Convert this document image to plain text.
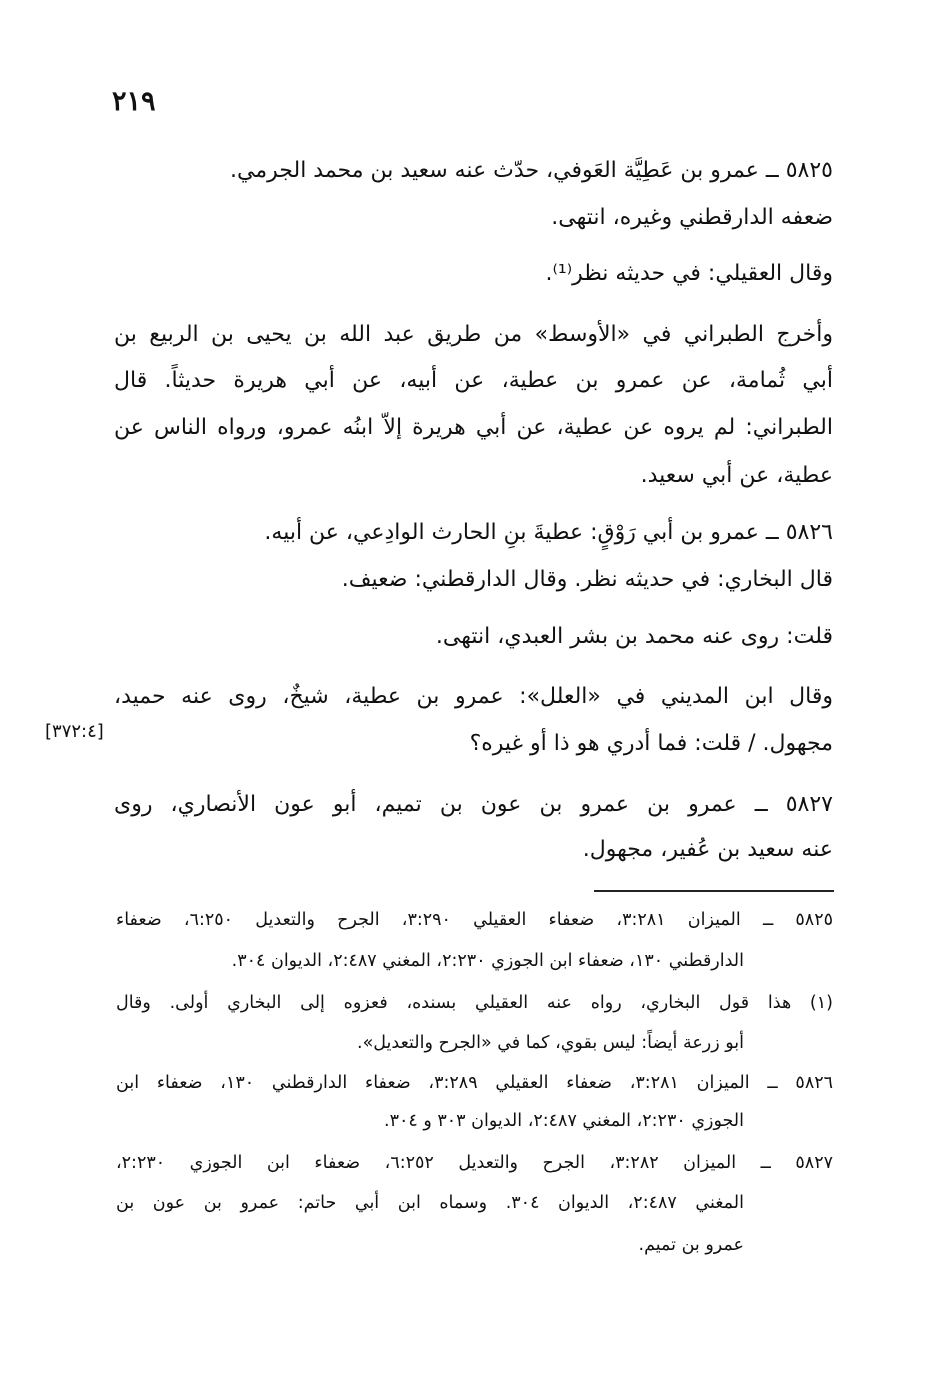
٢١٩
٥٨٢٥ ــ عمرو بن عَطِيَّة العَوفي، حدّث عنه سعيد بن محمد الجرمي.
ضعفه الدارقطني وغيره، انتهى.
وقال العقيلي: في حديثه نظر⁽¹⁾.
وأخرج الطبراني في «الأوسط» من طريق عبد الله بن يحيى بن الربيع بن
أبي ثُمامة، عن عمرو بن عطية، عن أبيه، عن أبي هريرة حديثاً. قال
الطبراني: لم يروه عن عطية، عن أبي هريرة إلاّ ابنُه عمرو، ورواه الناس عن
عطية، عن أبي سعيد.
٥٨٢٦ ــ عمرو بن أبي رَوْقٍ: عطيةَ بنِ الحارث الوادِعي، عن أبيه.
قال البخاري: في حديثه نظر. وقال الدارقطني: ضعيف.
قلت: روى عنه محمد بن بشر العبدي، انتهى.
وقال ابن المديني في «العلل»: عمرو بن عطية، شيخٌ، روى عنه حميد،
مجهول. / قلت: فما أدري هو ذا أو غيره؟
[٣٧٢:٤]
٥٨٢٧ ــ عمرو بن عمرو بن عون بن تميم، أبو عون الأنصاري، روى
عنه سعيد بن عُفير، مجهول.
٥٨٢٥ ــ الميزان ٣:٢٨١، ضعفاء العقيلي ٣:٢٩٠، الجرح والتعديل ٦:٢٥٠، ضعفاء
الدارقطني ١٣٠، ضعفاء ابن الجوزي ٢:٢٣٠، المغني ٢:٤٨٧، الديوان ٣٠٤.
(١) هذا قول البخاري، رواه عنه العقيلي بسنده، فعزوه إلى البخاري أولى. وقال
أبو زرعة أيضاً: ليس بقوي، كما في «الجرح والتعديل».
٥٨٢٦ ــ الميزان ٣:٢٨١، ضعفاء العقيلي ٣:٢٨٩، ضعفاء الدارقطني ١٣٠، ضعفاء ابن
الجوزي ٢:٢٣٠، المغني ٢:٤٨٧، الديوان ٣٠٣ و ٣٠٤.
٥٨٢٧ ــ الميزان ٣:٢٨٢، الجرح والتعديل ٦:٢٥٢، ضعفاء ابن الجوزي ٢:٢٣٠،
المغني ٢:٤٨٧، الديوان ٣٠٤. وسماه ابن أبي حاتم: عمرو بن عون بن
عمرو بن تميم.
